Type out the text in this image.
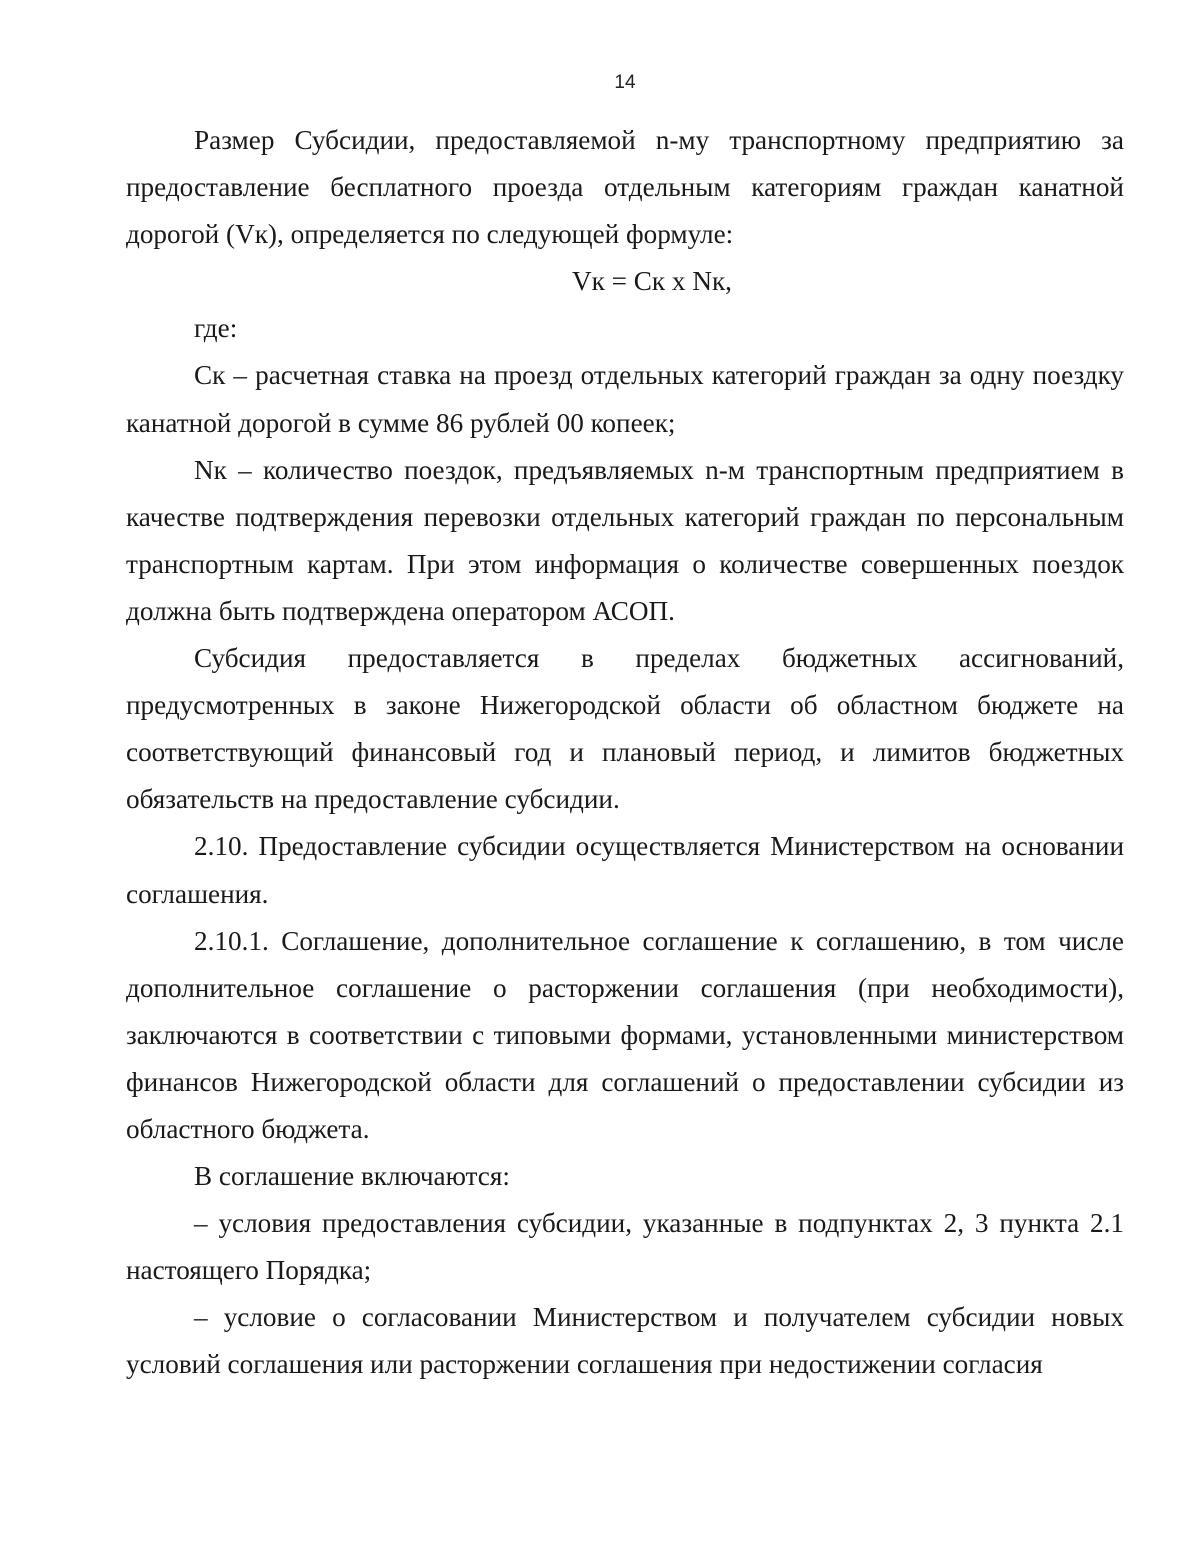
14

Размер Субсидии, предоставляемой n-му транспортному предприятию за предоставление бесплатного проезда отдельным категориям граждан канатной дорогой (Vк), определяется по следующей формуле:

Vк = Ск х Nк,

где:

Ск – расчетная ставка на проезд отдельных категорий граждан за одну поездку канатной дорогой в сумме 86 рублей 00 копеек;

Nк – количество поездок, предъявляемых n-м транспортным предприятием в качестве подтверждения перевозки отдельных категорий граждан по персональным транспортным картам. При этом информация о количестве совершенных поездок должна быть подтверждена оператором АСОП.

Субсидия предоставляется в пределах бюджетных ассигнований, предусмотренных в законе Нижегородской области об областном бюджете на соответствующий финансовый год и плановый период, и лимитов бюджетных обязательств на предоставление субсидии.

2.10. Предоставление субсидии осуществляется Министерством на основании соглашения.

2.10.1. Соглашение, дополнительное соглашение к соглашению, в том числе дополнительное соглашение о расторжении соглашения (при необходимости), заключаются в соответствии с типовыми формами, установленными министерством финансов Нижегородской области для соглашений о предоставлении субсидии из областного бюджета.

В соглашение включаются:

– условия предоставления субсидии, указанные в подпунктах 2, 3 пункта 2.1 настоящего Порядка;

– условие о согласовании Министерством и получателем субсидии новых условий соглашения или расторжении соглашения при недостижении согласия
